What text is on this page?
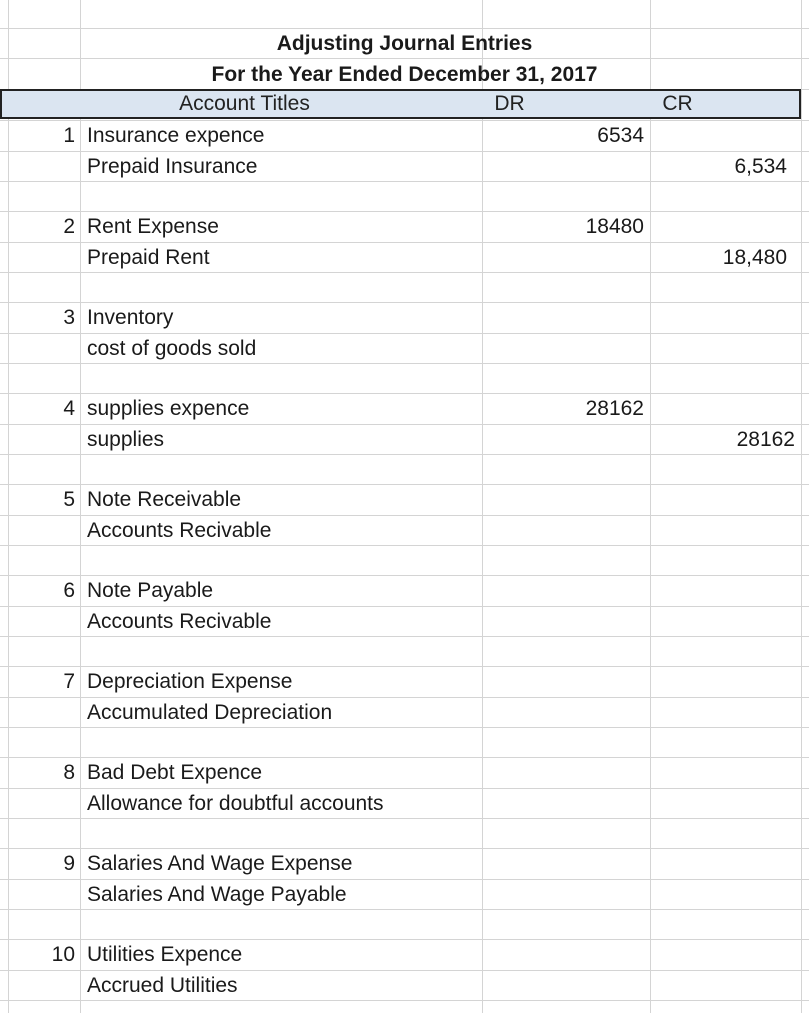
Adjusting Journal Entries
For the Year Ended December 31, 2017
Account Titles	DR	CR
1 Insurance expence
Prepaid Insurance
6534
6,534
2 Rent Expense
Prepaid Rent
18480
18,480
3 Inventory
cost of goods sold
4 supplies expence
supplies
28162
28162
5 Note Receivable
Accounts Recivable
6 Note Payable
Accounts Recivable
7 Depreciation Expense
Accumulated Depreciation
8 Bad Debt Expence
Allowance for doubtful accounts
9 Salaries And Wage Expense
Salaries And Wage Payable
10 Utilities Expence
Accrued Utilities
